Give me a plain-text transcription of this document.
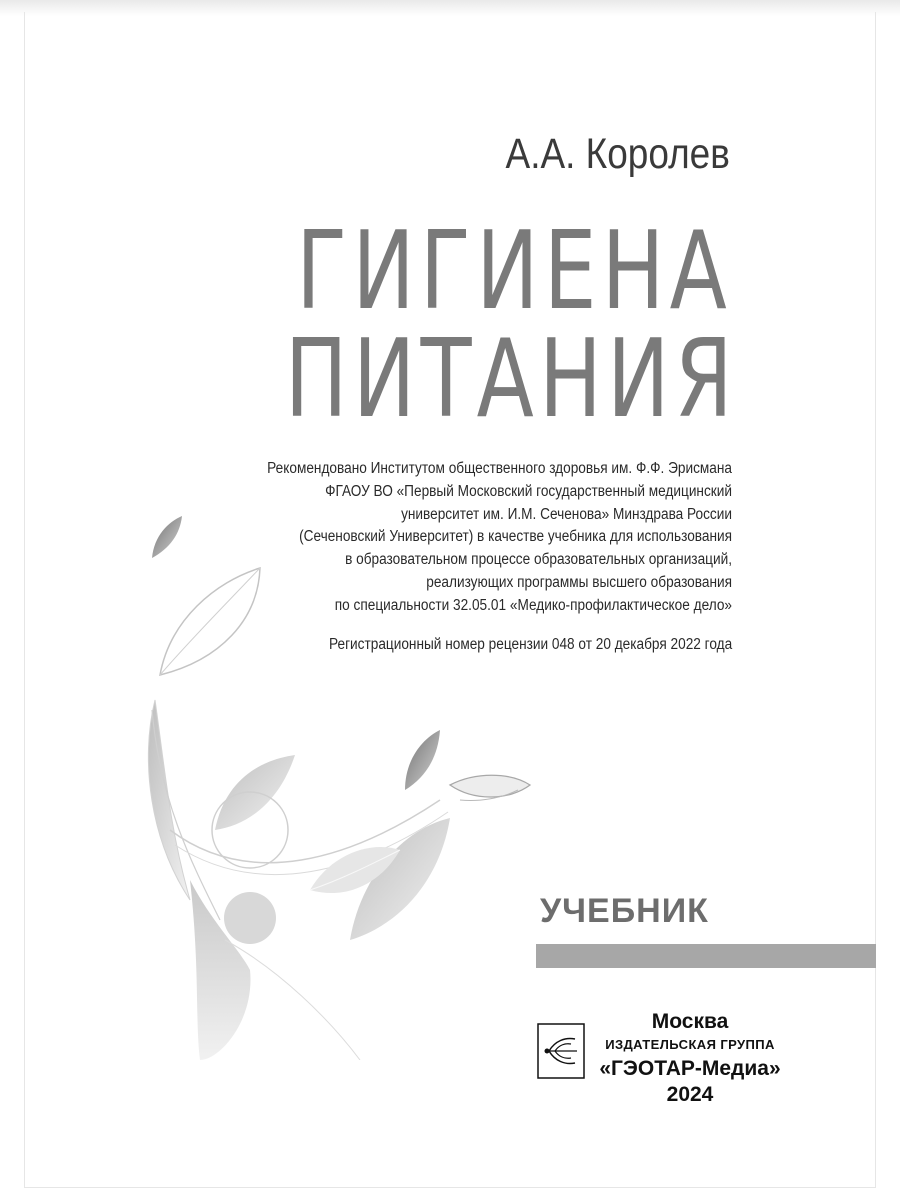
А.А. Королев
ГИГИЕНА
ПИТАНИЯ
Рекомендовано Институтом общественного здоровья им. Ф.Ф. Эрисмана
ФГАОУ ВО «Первый Московский государственный медицинский
университет им. И.М. Сеченова» Минздрава России
(Сеченовский Университет) в качестве учебника для использования
в образовательном процессе образовательных организаций,
реализующих программы высшего образования
по специальности 32.05.01 «Медико-профилактическое дело»
Регистрационный номер рецензии 048 от 20 декабря 2022 года
УЧЕБНИК
Москва
ИЗДАТЕЛЬСКАЯ ГРУППА
«ГЭОТАР-Медиа»
2024
